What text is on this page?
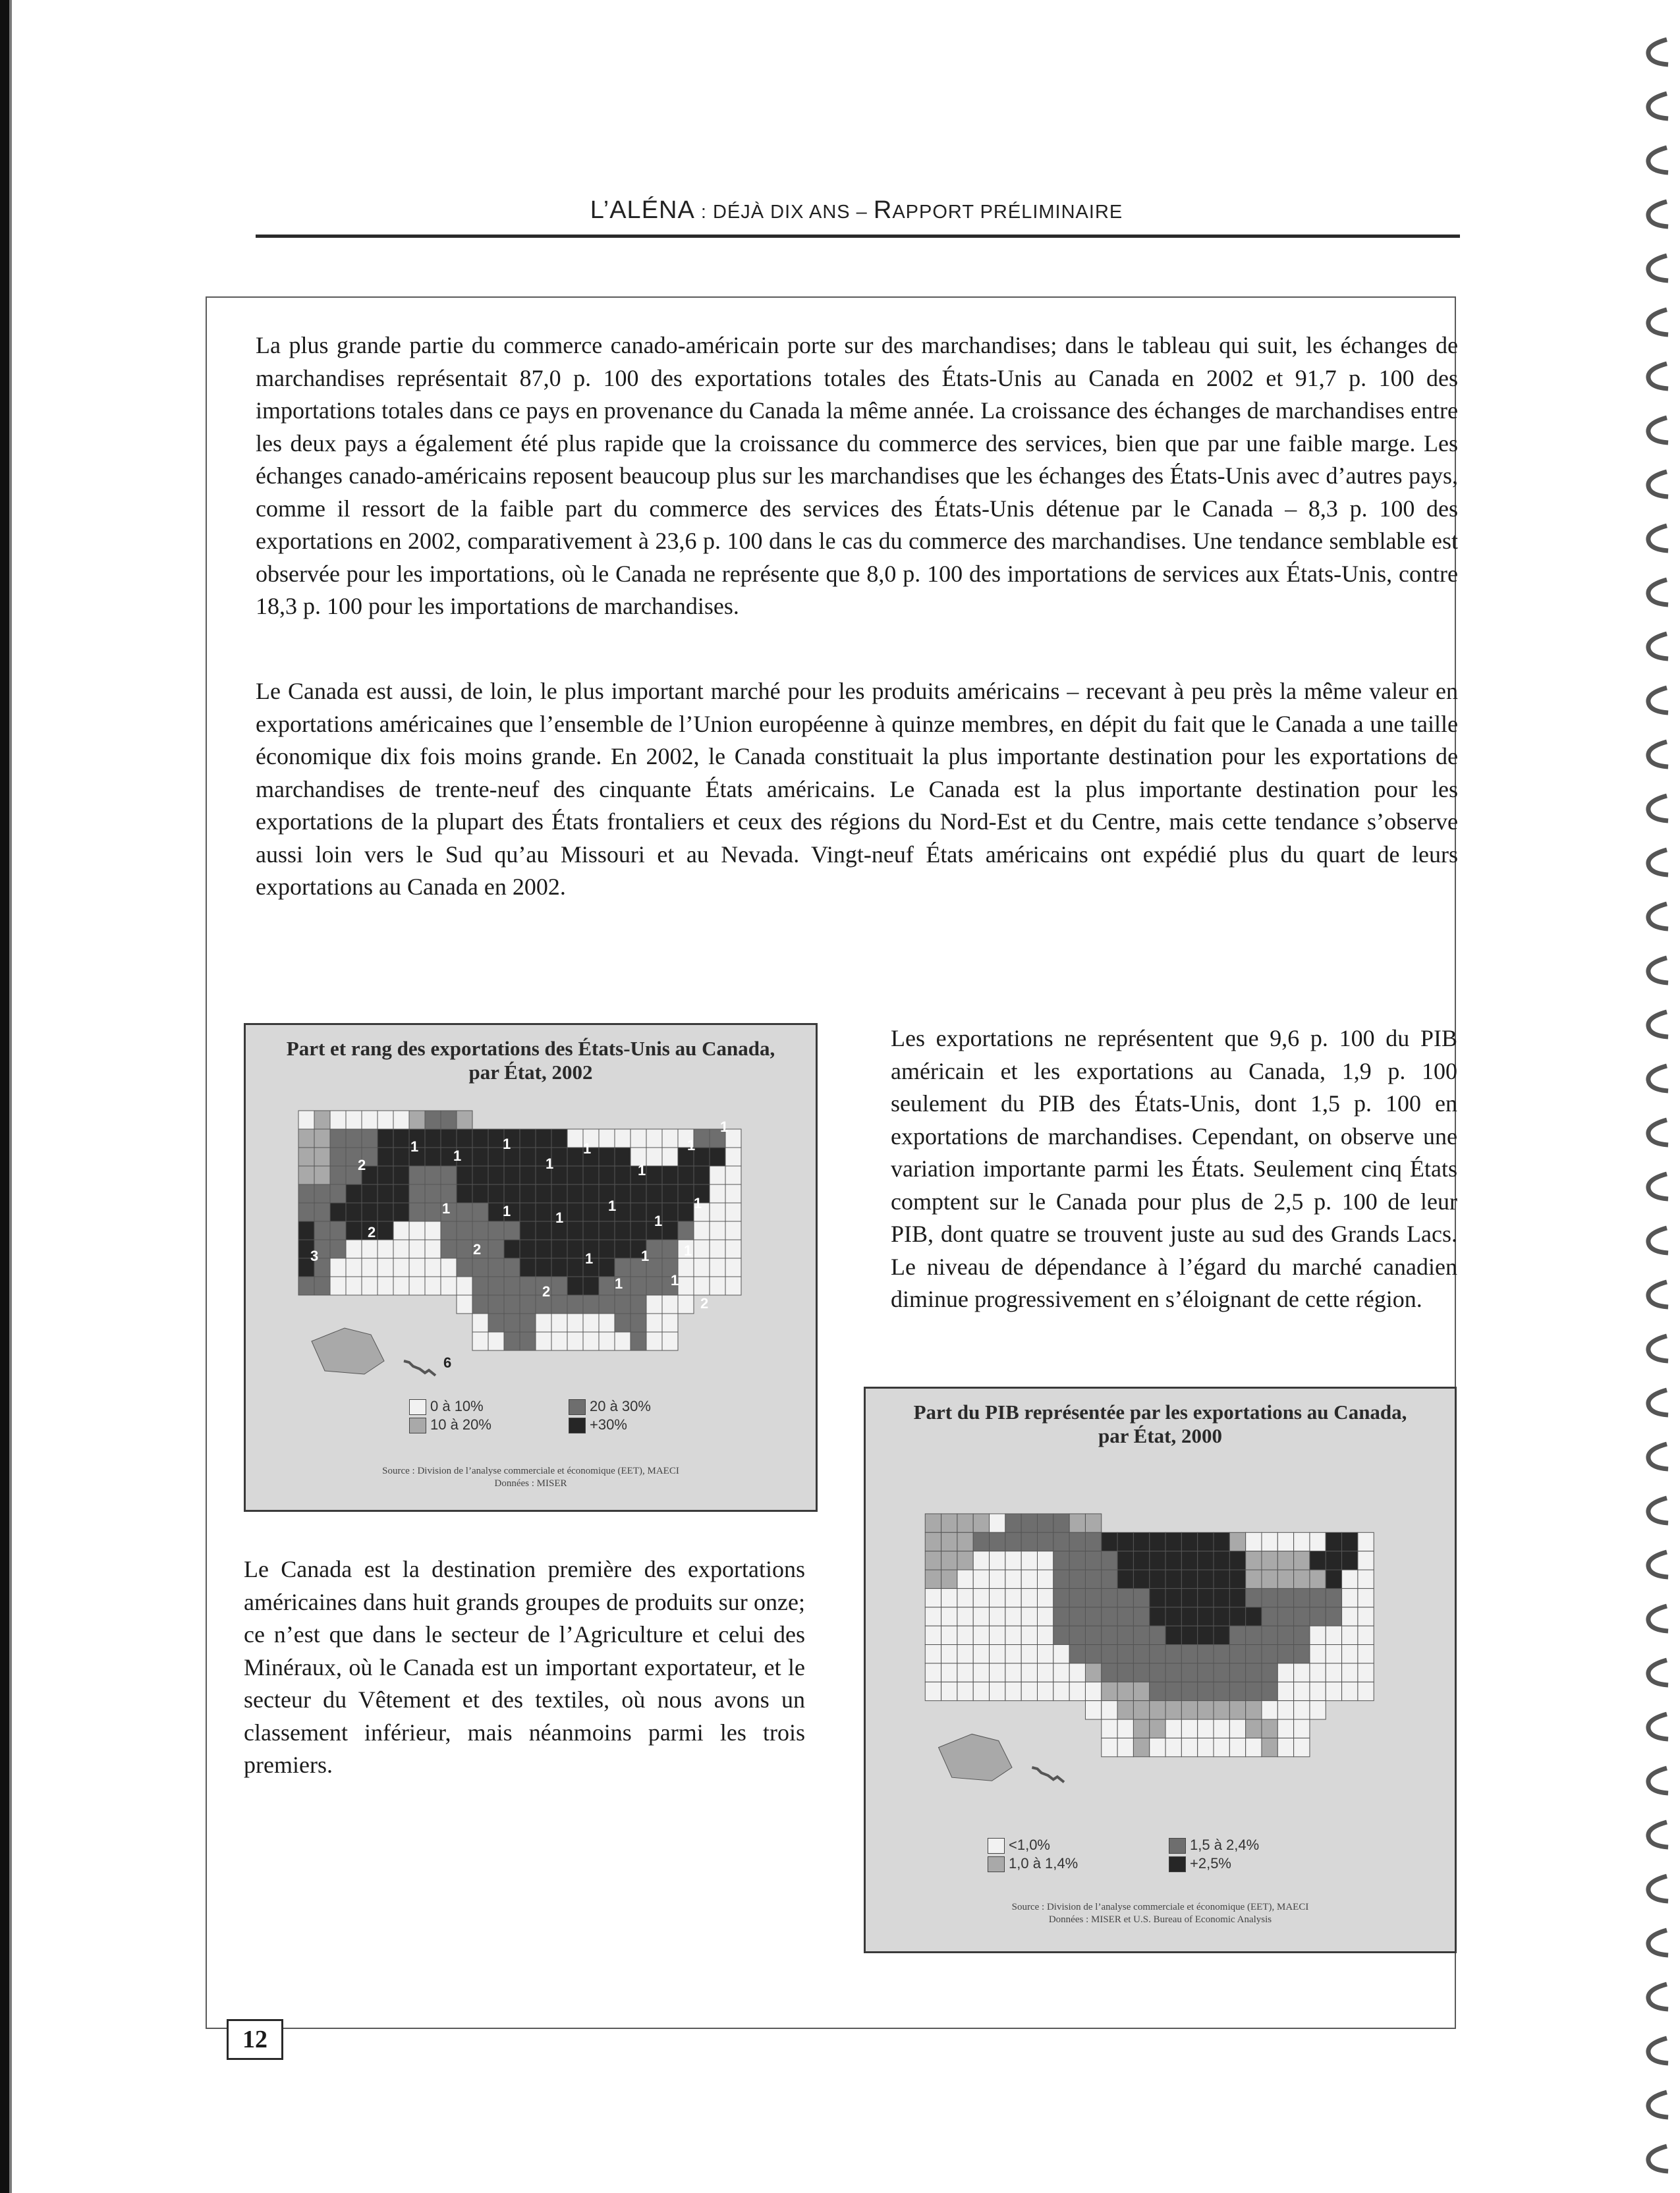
L’ALÉNA : DÉJÀ DIX ANS – RAPPORT PRÉLIMINAIRE

La plus grande partie du commerce canado-américain porte sur des marchandises; dans le tableau qui suit, les échanges de marchandises représentait 87,0 p. 100 des exportations totales des États-Unis au Canada en 2002 et 91,7 p. 100 des importations totales dans ce pays en provenance du Canada la même année. La croissance des échanges de marchandises entre les deux pays a également été plus rapide que la croissance du commerce des services, bien que par une faible marge. Les échanges canado-américains reposent beaucoup plus sur les marchandises que les échanges des États-Unis avec d’autres pays, comme il ressort de la faible part du commerce des services des États-Unis détenue par le Canada – 8,3 p. 100 des exportations en 2002, comparativement à 23,6 p. 100 dans le cas du commerce des marchandises. Une tendance semblable est observée pour les importations, où le Canada ne représente que 8,0 p. 100 des importations de services aux États-Unis, contre 18,3 p. 100 pour les importations de marchandises.

Le Canada est aussi, de loin, le plus important marché pour les produits américains – recevant à peu près la même valeur en exportations américaines que l’ensemble de l’Union européenne à quinze membres, en dépit du fait que le Canada a une taille économique dix fois moins grande. En 2002, le Canada constituait la plus importante destination pour les exportations de marchandises de trente-neuf des cinquante États américains. Le Canada est la plus importante destination pour les exportations de la plupart des États frontaliers et ceux des régions du Nord-Est et du Centre, mais cette tendance s’observe aussi loin vers le Sud qu’au Missouri et au Nevada. Vingt-neuf États américains ont expédié plus du quart de leurs exportations au Canada en 2002.

Part et rang des exportations des États-Unis au Canada,
par État, 2002
1
1
1
1
1
1
1
1
1	1	1
1
1
1
1	1 1
1	1
2
2
2
2
2
3
6
0 à 10%
10 à 20%
20 à 30%
+30%
Source : Division de l’analyse commerciale et économique (EET), MAECI
Données : MISER

Les exportations ne représentent que 9,6 p. 100 du PIB américain et les exportations au Canada, 1,9 p. 100 seulement du PIB des États-Unis, dont 1,5 p. 100 en exportations de marchandises. Cependant, on observe une variation importante parmi les États. Seulement cinq États comptent sur le Canada pour plus de 2,5 p. 100 de leur PIB, dont quatre se trouvent juste au sud des Grands Lacs. Le niveau de dépendance à l’égard du marché canadien diminue progressivement en s’éloignant de cette région.

Le Canada est la destination première des exportations américaines dans huit grands groupes de produits sur onze; ce n’est que dans le secteur de l’Agriculture et celui des Minéraux, où le Canada est un important exportateur, et le secteur du Vêtement et des textiles, où nous avons un classement inférieur, mais néanmoins parmi les trois premiers.

Part du PIB représentée par les exportations au Canada,
par État, 2000
<1,0%
1,0 à 1,4%
1,5 à 2,4%
+2,5%
Source : Division de l’analyse commerciale et économique (EET), MAECI
Données : MISER et U.S. Bureau of Economic Analysis
12
